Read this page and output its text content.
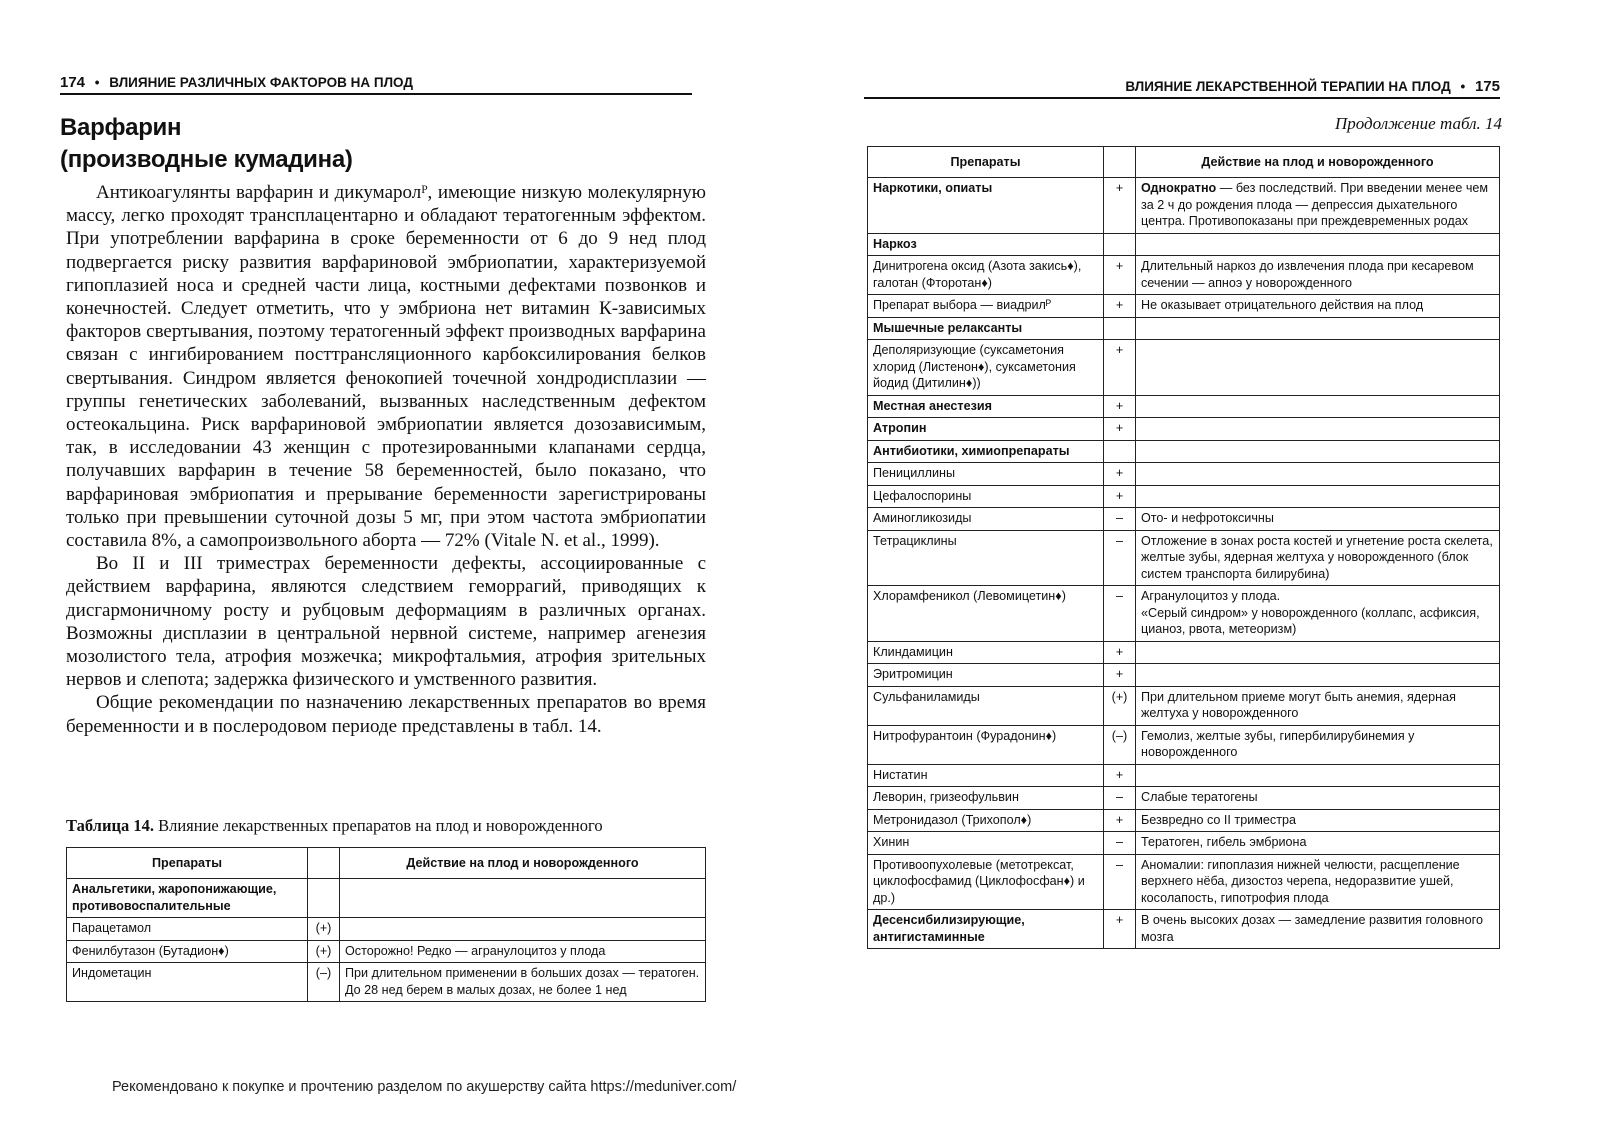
174 • ВЛИЯНИЕ РАЗЛИЧНЫХ ФАКТОРОВ НА ПЛОД
Варфарин
(производные кумадина)

Антикоагулянты варфарин и дикумаролᴾ, имеющие низкую молекулярную массу, легко проходят трансплацентарно и обладают тератогенным эффектом. При употреблении варфарина в сроке беременности от 6 до 9 нед плод подвергается риску развития варфариновой эмбриопатии, характеризуемой гипоплазией носа и средней части лица, костными дефектами позвонков и конечностей. Следует отметить, что у эмбриона нет витамин К-зависимых факторов свертывания, поэтому тератогенный эффект производных варфарина связан с ингибированием посттрансляционного карбоксилирования белков свертывания. Синдром является фенокопией точечной хондродисплазии — группы генетических заболеваний, вызванных наследственным дефектом остеокальцина. Риск варфариновой эмбриопатии является дозозависимым, так, в исследовании 43 женщин с протезированными клапанами сердца, получавших варфарин в течение 58 беременностей, было показано, что варфариновая эмбриопатия и прерывание беременности зарегистрированы только при превышении суточной дозы 5 мг, при этом частота эмбриопатии составила 8%, а самопроизвольного аборта — 72% (Vitale N. et al., 1999).

Во II и III триместрах беременности дефекты, ассоциированные с действием варфарина, являются следствием геморрагий, приводящих к дисгармоничному росту и рубцовым деформациям в различных органах. Возможны дисплазии в центральной нервной системе, например агенезия мозолистого тела, атрофия мозжечка; микрофтальмия, атрофия зрительных нервов и слепота; задержка физического и умственного развития.

Общие рекомендации по назначению лекарственных препаратов во время беременности и в послеродовом периоде представлены в табл. 14.

Таблица 14. Влияние лекарственных препаратов на плод и новорожденного
Препараты		Действие на плод и новорожденного
Анальгетики, жаропонижающие, противовоспалительные		
Парацетамол	(+)	
Фенилбутазон (Бутадион♦)	(+)	Осторожно! Редко — агранулоцитоз у плода
Индометацин	(–)	При длительном применении в больших дозах — тератоген.
До 28 нед берем в малых дозах, не более 1 нед
ВЛИЯНИЕ ЛЕКАРСТВЕННОЙ ТЕРАПИИ НА ПЛОД • 175
Продолжение табл. 14
Препараты		Действие на плод и новорожденного
Наркотики, опиаты	+	Однократно — без последствий. При введении менее чем за 2 ч до рождения плода — депрессия дыхательного центра. Противопоказаны при преждевременных родах
Наркоз		
Динитрогена оксид (Азота закись♦), галотан (Фторотан♦)	+	Длительный наркоз до извлечения плода при кесаревом сечении — апноэ у новорожденного
Препарат выбора — виадрилᴾ	+	Не оказывает отрицательного действия на плод
Мышечные релаксанты		
Деполяризующие (суксаметония хлорид (Листенон♦), суксаметония йодид (Дитилин♦))	+	
Местная анестезия	+	
Атропин	+	
Антибиотики, химиопрепараты		
Пенициллины	+	
Цефалоспорины	+	
Аминогликозиды	–	Ото- и нефротоксичны
Тетрациклины	–	Отложение в зонах роста костей и угнетение роста скелета, желтые зубы, ядерная желтуха у новорожденного (блок систем транспорта билирубина)
Хлорамфеникол (Левомицетин♦)	–	Агранулоцитоз у плода.
«Серый синдром» у новорожденного (коллапс, асфиксия, цианоз, рвота, метеоризм)
Клиндамицин	+	
Эритромицин	+	
Сульфаниламиды	(+)	При длительном приеме могут быть анемия, ядерная желтуха у новорожденного
Нитрофурантоин (Фурадонин♦)	(–)	Гемолиз, желтые зубы, гипербилирубинемия у новорожденного
Нистатин	+	
Леворин, гризеофульвин	–	Слабые тератогены
Метронидазол (Трихопол♦)	+	Безвредно со II триместра
Хинин	–	Тератоген, гибель эмбриона
Противоопухолевые (метотрексат, циклофосфамид (Циклофосфан♦) и др.)	–	Аномалии: гипоплазия нижней челюсти, расщепление верхнего нёба, дизостоз черепа, недоразвитие ушей, косолапость, гипотрофия плода
Десенсибилизирующие, антигистаминные	+	В очень высоких дозах — замедление развития головного мозга
Рекомендовано к покупке и прочтению разделом по акушерству сайта https://meduniver.com/
